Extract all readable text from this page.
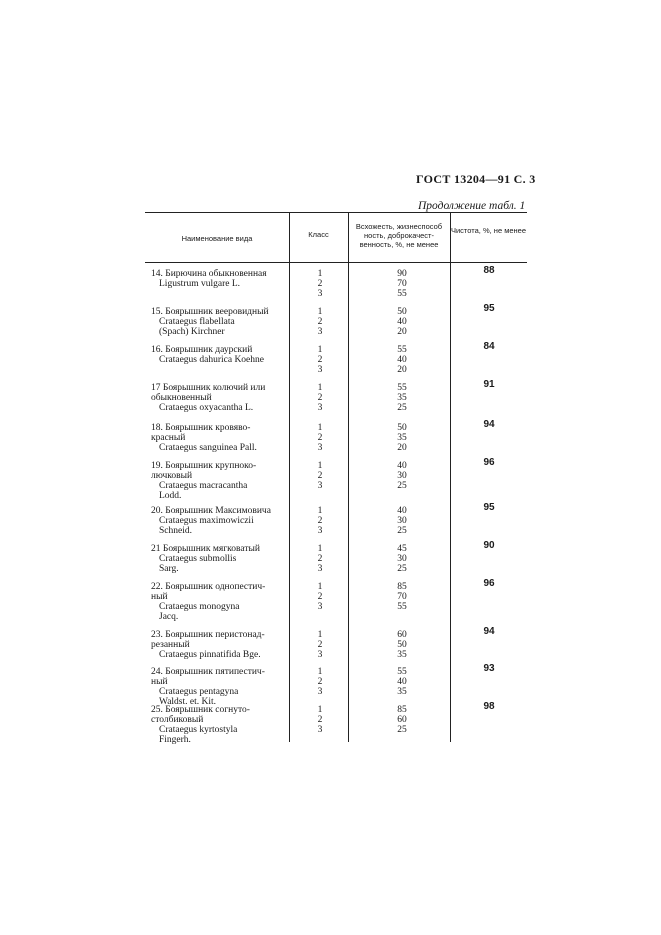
ГОСТ 13204—91 С. 3
Продолжение табл. 1
Наименование вида	Класс
Всхожесть, жизнеспособ ность, доброкачест- венность, %, не менее
Чистота, %, не менее
14. Бирючина обыкновенная
Ligustrum vulgare L.
1
2
3
90
70
55
88
15. Боярышник вееровидный
Crataegus flabellata
(Spach) Kirchner
1
2
3
50
40
20
95
16. Боярышник даурский
Crataegus dahurica Koehne
1
2
3
55
40
20
84
17 Боярышник колючий или
обыкновенный
Crataegus oxyacantha L.
1
2
3
55
35
25
91
18. Боярышник кровяво-
красный
Crataegus sanguinea Pall.
1
2
3
50
35
20
94
19. Боярышник крупноко-
лючковый
Crataegus macracantha
Lodd.
1
2
3
40
30
25
96
20. Боярышник Максимовича
Crataegus maximowiczii
Schneid.
1
2
3
40
30
25
95
21 Боярышник мягковатый
Crataegus submollis
Sarg.
1
2
3
45
30
25
90
22. Боярышник однопестич-
ный
Crataegus monogyna
Jacq.
1
2
3
85
70
55
96
23. Боярышник перистонад-
резанный
Crataegus pinnatifida Bge.
1
2
3
60
50
35
94
24. Боярышник пятипестич-
ный
Crataegus pentagyna
Waldst. et. Kit.
1
2
3
55
40
35
93
25. Боярышник согнуто-
столбиковый
Crataegus kyrtostyla
Fingerh.
1
2
3
85
60
25
98
